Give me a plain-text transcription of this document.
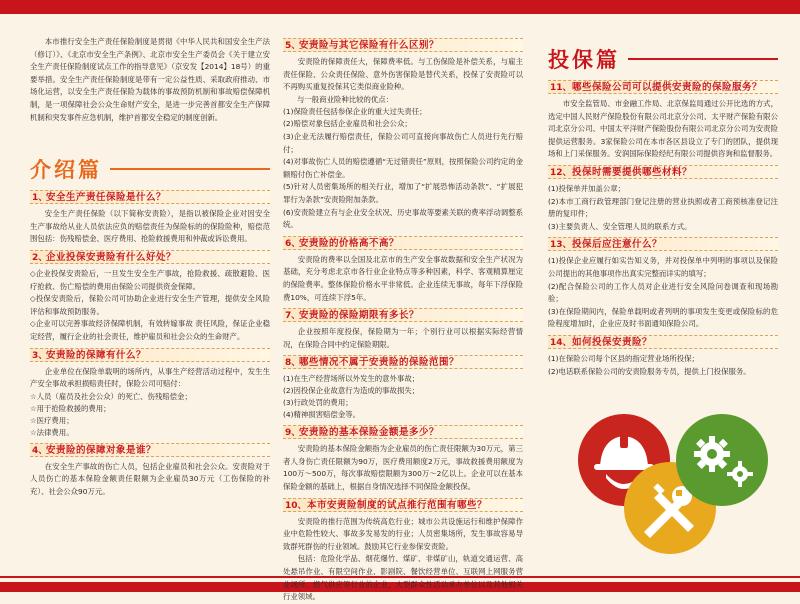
本市推行安全生产责任保险制度是贯彻《中华人民共和国安全生产法（修订）》、《北京市安全生产条例》、北京市安全生产委员会《关于建立安全生产责任保险制度试点工作的指导意见》（京安发【2014】18号）的重要举措。安全生产责任保险制度是带有一定公益性质、采取政府推动、市场化运营，以安全生产责任保险为载体的事故预防机制和事故赔偿保障机制，是一项保障社会公众生命财产安全，是进一步完善首都安全生产保障机制和突发事件应急机制，维护首都安全稳定的制度创新。

介绍篇
1、
安全生产责任保险是什么？

安全生产责任保险（以下简称安责险），是指以被保险企业对因安全生产事故给从业人员依法应负的赔偿责任为保险标的的保险险种，赔偿范围包括：伤残赔偿金、医疗费用、抢险救援费用和仲裁或诉讼费用。

2、
企业投保安责险有什么好处？

◇企业投保安责险后，一旦发生安全生产事故，抢险救援、疏散避险、医疗抢救、伤亡赔偿的费用由保险公司提供资金保障。

◇投保安责险后，保险公司可协助企业进行安全生产管理，提供安全风险评估和事故预防服务。

◇企业可以完善事故经济保障机制，有效转嫁事故 责任风险，保证企业稳定经营，履行企业的社会责任，维护雇员和社会公众的生命财产。

3、
安责险的保障有什么？

企业单位在保险单载明的场所内，从事生产经营活动过程中，发生生产安全事故承担损赔责任时，保险公司可赔付：

☆人员（雇员及社会公众）的死亡、伤残赔偿金；

☆用于抢险救援的费用；

☆医疗费用；

☆法律费用。

4、
安责险的保障对象是谁？

在安全生产事故的伤亡人员，包括企业雇员和社会公众。安责险对于人员伤亡的基本保险金额责任限额为企业雇员30万元（工伤保险的补充）、社会公众90万元。

5、
安责险与其它保险有什么区别？

安责险的保障责任大，保障费率低。与工伤保险是补偿关系，与雇主责任保险、公众责任保险、意外伤害保险是替代关系，投保了安责险可以不再购买重复投保其它类似商业险种。

与一般商业险种比较的优点：

(1)保险责任包括参保企业的重大过失责任；

(2)赔偿对象包括企业雇员和社会公众；

(3)企业无法履行赔偿责任，保险公司可直接向事故伤亡人员进行先行赔付；

(4)对事故伤亡人员的赔偿遵循“无过错责任”原则，按照保险公司约定的金额赔付伤亡补偿金。

(5)针对人员密集场所的相关行业，增加了“扩展恐怖活动条款”、“扩展犯罪行为条款”安责险附加条款。

(6)安责险建立有与企业安全状况、历史事故等要素关联的费率浮动调整系统。

6、
安责险的价格高不高？

安责险的费率以全国及北京市的生产安全事故数据和安全生产状况为基础，充分考虑北京市各行业企业特点等多种因素，科学、客观精算厘定的保险费率。整体保险价格水平非常低。企业连续无事故，每年下浮保险费10%，可连续下浮5年。

7、
安责险的保险期限有多长？

企业按照年度投保，保险期为一年；个别行业可以根据实际经营情况，在保险合同中约定保险期限。

8、
哪些情况不属于安责险的保险范围？

(1)在生产经营场所以外发生的意外事故；

(2)因投保企业故意行为造成的事故损失；

(3)行政处罚的费用；

(4)精神损害赔偿金等。

9、
安责险的基本保险金额是多少？

安责险的基本保险金额指为企业雇员的伤亡责任限额为30万元，第三者人身伤亡责任限额为90万，医疗费用额度2万元，事故救援费用额度为100万～500万，每次事故赔偿限额为300万～2亿以上。企业可以在基本保险金额的基础上，根据自身情况选择不同保险金额投保。

10、 本市安责险制度的试点推行范围有哪些？

安责险的推行范围为传统高危行业；城市公共设施运行和维护保障作业中危险性较大、事故多发易发的行业；人员密集场所，发生事故容易导致群死群伤的行业领域。鼓励其它行业参保安责险。

包括：危险化学品、烟花爆竹、煤矿、非煤矿山，轨道交通运营、高处悬吊作业、有限空间作业、影剧院、餐饮经营单位、互联网上网服务营业场所、燃气供应等行业的企业，大型群众性活动承办单位以及其他相关行业领域。

投保篇
11、 哪些保险公司可以提供安责险的保险服务？

市安全监管局、市金融工作局、北京保监局通过公开比选的方式，选定中国人民财产保险股份有限公司北京分公司、太平财产保险有限公司北京分公司、中国太平洋财产保险股份有限公司北京分公司为安责险提供运营服务。3家保险公司在本市各区县设立了专门的团队，提供现场和上门采保服务。安润国际保险经纪有限公司提供咨询和监督服务。

12、 投保时需要提供哪些材料？

(1)投保单并加盖公章；

(2)本市工商行政管理部门登记注册的营业执照或者工商预核准登记注册的复印件；

(3)主要负责人、安全管理人员的联系方式。

13、 投保后应注意什么？

(1)投保企业应履行如实告知义务，并对投保单中列明的事项以及保险公司提出的其他事项作出真实完整而详实的填写；

(2)配合保险公司的工作人员对企业进行安全风险问卷调查和现场勘验；

(3)在保险期间内，保险单载明或者列明的事项发生变更或保险标的危险程度增加时，企业应及时书面通知保险公司。

14、 如何投保安责险？

(1)在保险公司每个区县的指定营业场所投保；

(2)电话联系保险公司的安责险服务专员，提供上门投保服务。
